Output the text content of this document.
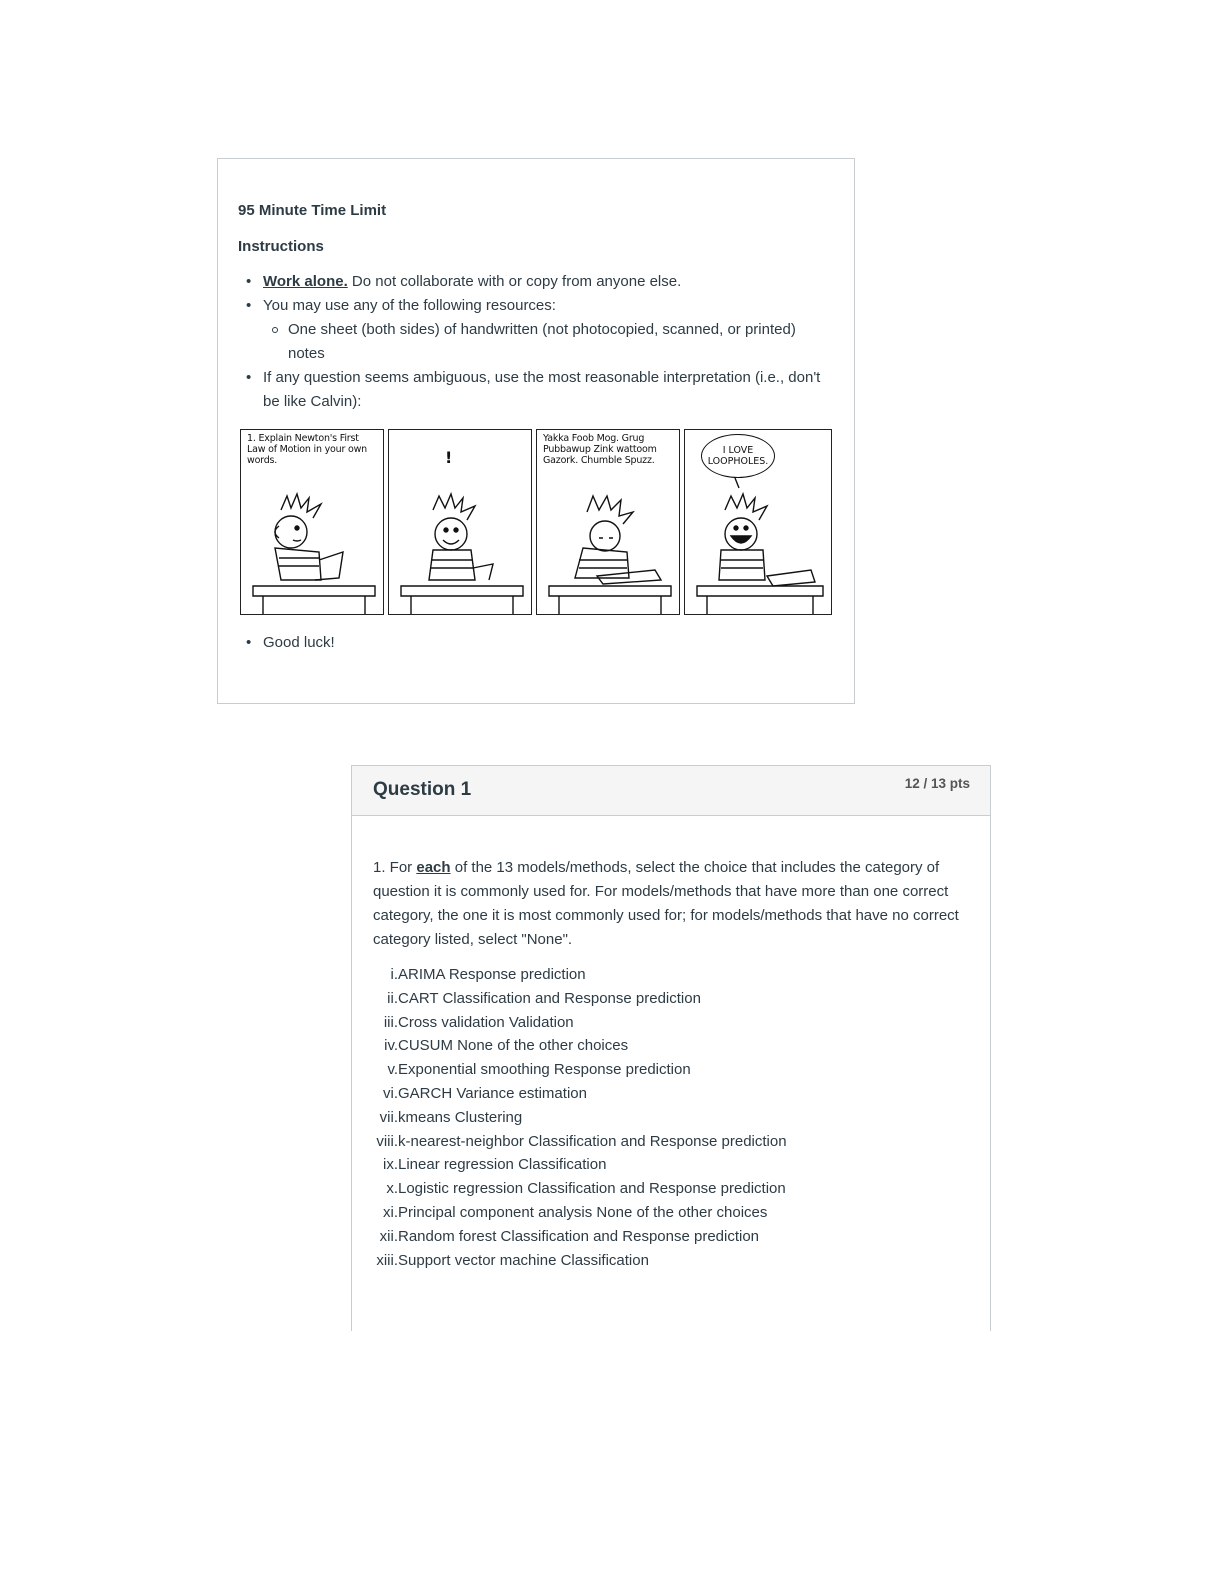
95 Minute Time Limit

Instructions

• Work alone. Do not collaborate with or copy from anyone else.
• You may use any of the following resources:
One sheet (both sides) of handwritten (not photocopied, scanned, or printed) notes
• If any question seems ambiguous, use the most reasonable interpretation (i.e., don't be like Calvin):
1. Explain Newton's First Law of Motion in your own words.	!
Yakka Foob Mog. Grug Pubbawup Zink wattoom Gazork. Chumble Spuzz.
I LOVE LOOPHOLES.
• Good luck!
Question 1	12 / 13 pts

1. For each of the 13 models/methods, select the choice that includes the category of question it is commonly used for. For models/methods that have more than one correct category, the one it is most commonly used for; for models/methods that have no correct category listed, select "None".

i. ARIMA Response prediction
ii. CART Classification and Response prediction
iii. Cross validation Validation
iv. CUSUM None of the other choices
v. Exponential smoothing Response prediction
vi. GARCH Variance estimation
vii. kmeans Clustering
viii. k-nearest-neighbor Classification and Response prediction
ix. Linear regression Classification
x. Logistic regression Classification and Response prediction
xi. Principal component analysis None of the other choices
xii. Random forest Classification and Response prediction
xiii. Support vector machine Classification
